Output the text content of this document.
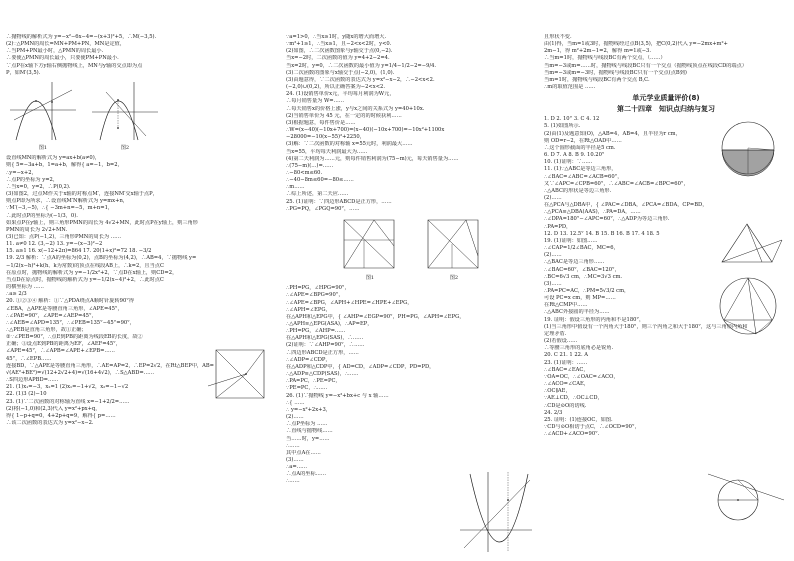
∴抛物线的解析式为 y=−x²−6x−4=−(x+3)²+5，∴M(−3,5).
(2)∵△PMN的周长=MN+PM+PN，MN是定值，
∴当PM+PN最小时，△PMN的周长最小.
∴要使△PMN的周长最小，只要使PM+PN最小.
∵点P在x轴下方y轴右侧抛物线上，MN与y轴的交点即为点
P，如M′(3,5).
图1	图2
设直线MN的解析式为 y=ax+b(a≠0)，
则{ 5=−3a+b，1=a+b，解得{ a=−1，b=2，
∴y=−x+2，
∴点P的坐标为 y=2，
∴当x=0，y=2，∴P(0,2).
(3)如图2，过点M作关于x轴的对称点M′，连接NM′交x轴于点P，
则点P即为所求，∴设直线M′N解析式为 y=mx+n，
∵M′(−3,−5)，∴{ −3m+n=−5，m+n=1，
∴此时点P的坐标为(−1/3，0).
如果点P在y轴上，则三角形PMN的周长为 4√2+MN，此时点P在y轴上，则三角形
PMN的周长为 2√2+MN.
(3)已知：点P(−1,2)，三角形PMN的周长为 ……
11. a≠0 12. (3,−2) 13. y=−(x−3)²−2
15. a≥1 16. x(−12+2π)=864 17. 20(1+x)²=72 18. −3/2
19. 2/3 解析：∵点A的坐标为(0,2)，点B的坐标为(4,2)，∴AB=4，∵抛物线 y=
−1/2(x−h)²+k(h、k为常数)的顶点在线段AB上，∴k=2，且当点C
在原点时，抛物线的解析式为 y=−1/2x²+2，∵点D在x轴上，则CD=2，
当点D在原点时，抛物线的解析式为 y=−1/2(x−4)²+2，∴此时点C
的横坐标为 ……
∴a≥ 2/3
20. ①②③④ 解析：①∵△PDA绕点A顺时针旋转90°得
∠EBA，△APE是等腰直角三角形，∠APE=45°，
∴∠PAE=90°，∠APE=∠AEP=45°，
∴∠AEB=∠APD=135°，∴∠PEB=135°−45°=90°，
∴△PEB是直角三角形，故①正确；
②∵∠PEB=90°，∴点E到PB的距离为线段EB的长度，故②
正确；③设点E到PB的距离为EF，∠AEF=45°，
∠APE=45°，∴∠APB=∠APE+∠EPB=……
45°，∴∠EPB……
连接BD，∵△APE是等腰直角三角形，∴AE=AP=2，∴EP=2√2，在Rt△BEP中，AB=
√(AE²+BE²)=√(12+2√2+4)=√(16+4√2)，∴S△ABD=……
∴S四边形APBD=……
21. (1)x₁=−3，x₂=1 (2)x₁=−1+√2，x₂=−1−√2
22. (1)3 (2)−10
23. (1)∵二次函数的对称轴为直线 x=−1+2/2=……
(2)将(−1,0)和(2,3)代入 y=x²+px+q，
得{ 1−p+q=0，4+2p+q=9，解得{ p=……
∴该二次函数的表达式为 y=x²−x−2.
∵a=1>0，∴当x≥1时，y随x的增大而增大.
∵m²+1≥1，∴当x≥1，且−2<x<2时，y<0.
(2)如图，∴二次函数图象与y轴交于点(0,−2).
当x=−2时，二次函数的值为 y=4+2−2=4.
当x=2时，y=0，∴二次函数的最小值为 y=1/4−1/2−2=−9/4.
(3)二次函数的图象与x轴交于点(−2,0)，(1,0).
(3)由题意得，∵二次函数的表达式为 y=x²−x−2，∴−2<x<2.
(−2,0)∪(0,2)，所以正确答案为−2<x<2.
24. (1)设销售单价x元，平均每月利润为W元，
∴每月销售量为 W=……
∴每天销售x的价格上涨，y与x之间的关系式为 y=40+10x.
(2)当销售单价为 45 元，在一定的的时候获利……
(3)根据题意，每件售价是……
∴W=(x−40)(−10x+700)=(x−40)(−10x+700)=−10x²+1100x
−28000=−10(x−55)²+2250，
(3)解：∵二次函数的对称轴 x=55元时，利润最大……
当x=55，平均每天利润最大为……
(4)第二天利润为……元，则每件销售利润为(75−m)元，每天销售量为……
∴(75−m)(…)=……
∴−80<m≤60.
∴−40−8m≤60=−80≤……
∴m……
∴综上所述，第二天应……
25. (1)证明：∵四边形ABCD是正方形，……
∴PG=PQ，∠PGQ=90°，……
图1	图2
∴PH=PG，∠HPG=90°，
∴∠APE=∠BPG=90°，
∴∠APE=∠BPG，∠APH+∠HPE=∠HPE+∠EPG，
∴∠APH=∠EPG，
在△APH和△EPG中，{ ∠AHP=∠EGP=90°，PH=PG，∠APH=∠EPG，
∴△APH≌△EPG(ASA)，∴AP=EP，
∴PH=PG，∠AHP=……
在△APH和△EPG(SAS)，∴……
(2)证明：∵∠AHP=90°，∴……
∴四边形ABCD是正方形，……
∴∠ADP=∠CDP，
在△ADP和△CDP中，{ AD=CD，∠ADP=∠CDP，PD=PD，
∴△ADP≌△CDP(SAS)，∴……
∴PA=PC，∴PE=PC，
∵PE=PC，∴……
26. (1)∵抛物线 y=−x²+bx+c 与 x 轴……
∴{ ……
∴ y=−x²+2x+3，
(2)……
∴点P坐标为 ……
∴直线与抛物线……
当……时，y=……
∴……
其中点A在……
(3)……
∴a=……
∴点A的坐标……
∴……
且形状不变.
由(1)得，当m=1或3时，抛物线经过点B(3,5)，把C(0,2)代入 y=−2mx+m²+
2m−1，得 m²+2m−1=2，解得 m=1或−3.
∴当m=1时，抛物线与线段BC有两个交点，（……）
当m=−3或m=……时，抛物线与线段BC只有一个交点（抛物线顶点在线段CD的端点）
当m=−3或m=−3时，抛物线与线段BC只有一个交点(点B到)
当m=1时，抛物线与线段BC有两个交点 B,C.
∴m的取值范围是 ……
单元学业质量评价(8)
第二十四章　知识点归纳与复习
1. D 2. 10° 3. C 4. 12
5. (1)如图所示.
(2)由(1)及题意知(O)，△AB=4，AB=4，且半径为r cm，
则 OD=r−2，在Rt△OAD中……
∴这个圆形截面的半径是5 cm.
6. D 7. A 8. B 9. 10.20°
10. (1)证明：∵……
11. (1)∵△ABC是等边三角形，
∴∠BAC=∠ABC=∠ACB=60°，
又∵∠APC=∠CPB=60°，∴∠ABC=∠ACB=∠BPC=60°，
∴△ABC的形状是等边三角形.
(2)……
在△PCA与△DBA中，{ ∠PAC=∠DBA，∠PCA=∠BDA，CP=BD，
∴△PCA≌△DBA(AAS)，∴PA=DA，……
∴∠DPA=180°−∠APC=60°，∴△ADP为等边三角形.
∴PA=PD，
12. D 13. 12.5° 14. B 15. B 16. B 17. 4 18. 5
19. (1)证明：如图……
∴∠CAP=1/2∠BAC，MC=6，
(2)……
∴△BAC是等边三角形……
∴∠BAC=60°，∠BAC=120°，
∴BC=6√3 cm，∴MC=3√3 cm.
(3)……
∴PA=PC=AC，∴PM=5√3/2 cm，
可设 PC=x cm，则 MP=……
在Rt△CMP中……
∴△ABC外接圆的半径为……
19. 证明：假设三角形的内角和不是180°，
(1)当三角形中假设有一个内角大于180°，则三个内角之和大于180°，这与三角形内角和
定理矛盾.
(2)若假设……
∴等腰三角形的底角必是锐角.
20. C 21. 1 22. A
23. (1)证明：……
∴∠BAC=∠EAC，
∵OA=OC，∴∠OAC=∠ACO，
∴∠ACO=∠CAE，
∴OC∥AE，
∵AE⊥CD，∴OC⊥CD，
∴CD是⊙O的切线.
24. 2/3
25. 证明：(1)连接OC，如图.
∵CD与⊙O相切于点C，∴∠OCD=90°，
∴∠ACD+∠ACO=90°.
